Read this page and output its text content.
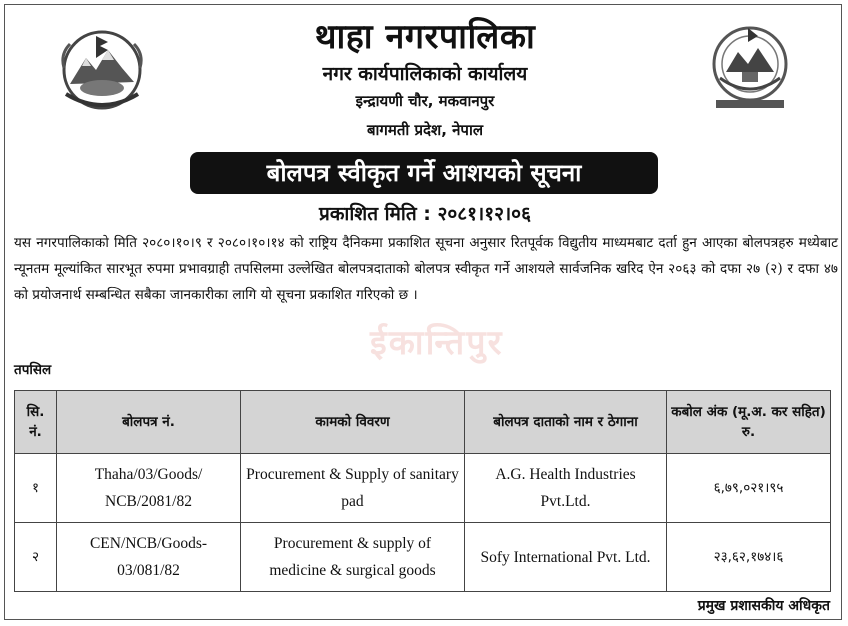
थाहा नगरपालिका
नगर कार्यपालिकाको कार्यालय
इन्द्रायणी चौर, मकवानपुर
बागमती प्रदेश, नेपाल
बोलपत्र स्वीकृत गर्ने आशयको सूचना
प्रकाशित मिति : २०८१।१२।०६
यस नगरपालिकाको मिति २०८०।१०।९ र २०८०।१०।१४ को राष्ट्रिय दैनिकमा प्रकाशित सूचना अनुसार रितपूर्वक विद्युतीय माध्यमबाट दर्ता हुन आएका बोलपत्रहरु मध्येबाट न्यूनतम मूल्यांकित सारभूत रुपमा प्रभावग्राही तपसिलमा उल्लेखित बोलपत्रदाताको बोलपत्र स्वीकृत गर्ने आशयले सार्वजनिक खरिद ऐन २०६३ को दफा २७ (२) र दफा ४७ को प्रयोजनार्थ सम्बन्धित सबैका जानकारीका लागि यो सूचना प्रकाशित गरिएको छ ।
ईकान्तिपुर
तपसिल
सि. नं.	बोलपत्र नं.	कामको विवरण	बोलपत्र दाताको नाम र ठेगाना	कबोल अंक (मू.अ. कर सहित) रु.
१	Thaha/03/Goods/ NCB/2081/82	Procurement & Supply of sanitary pad	A.G. Health Industries Pvt.Ltd.	६,७९,०२१।९५
२	CEN/NCB/Goods- 03/081/82	Procurement & supply of medicine & surgical goods	Sofy International Pvt. Ltd.	२३,६२,१७४।६
प्रमुख प्रशासकीय अधिकृत
